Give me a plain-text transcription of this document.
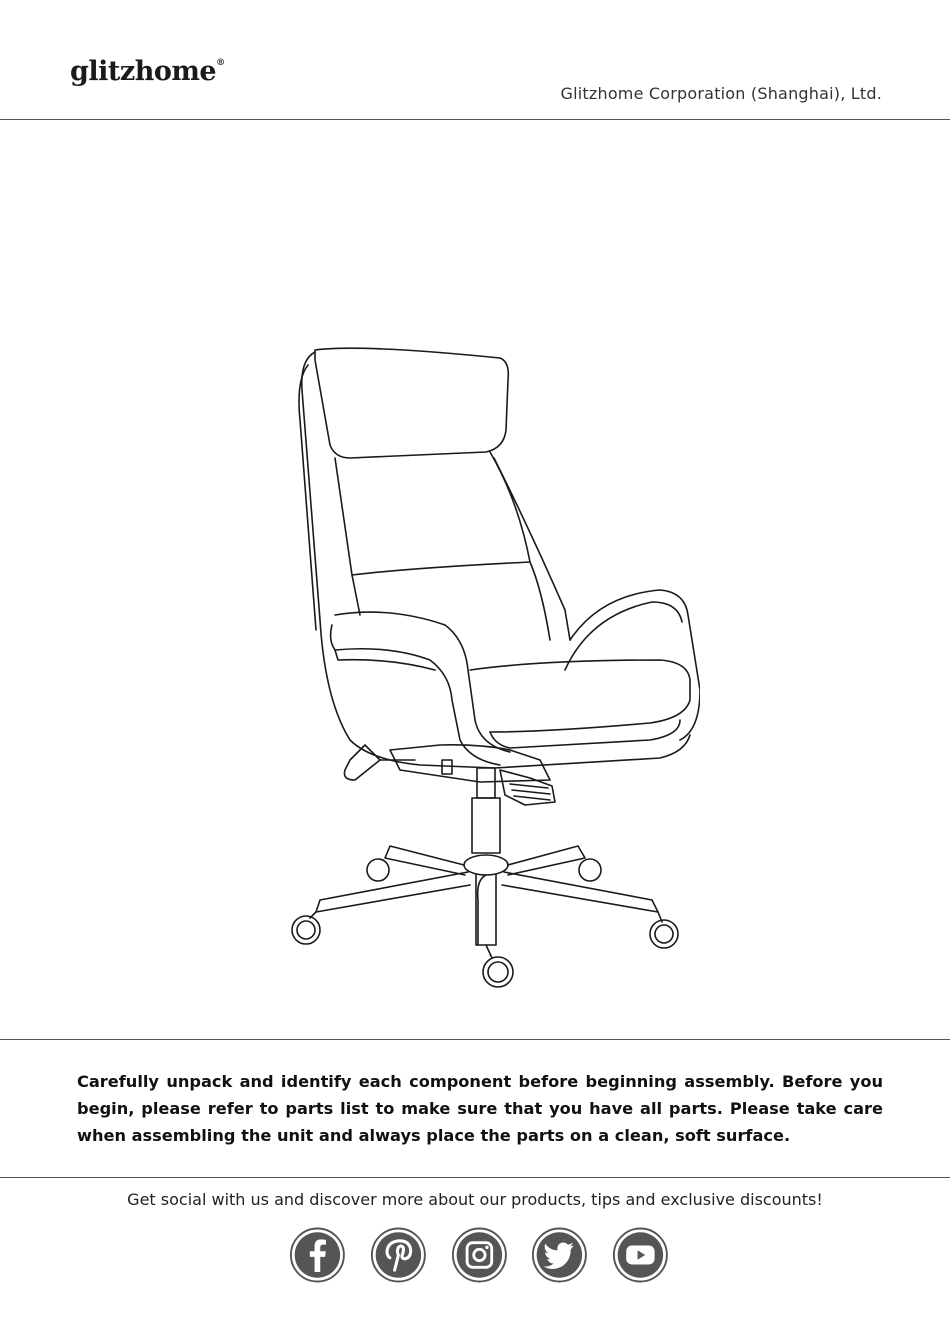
glitzhome®
Glitzhome Corporation (Shanghai), Ltd.
Carefully unpack and identify each component before beginning assembly. Before you begin, please refer to parts list to make sure that you have all parts. Please take care when assembling the unit and always place the parts on a clean, soft surface.
Get social with us and discover more about our products, tips and exclusive discounts!
